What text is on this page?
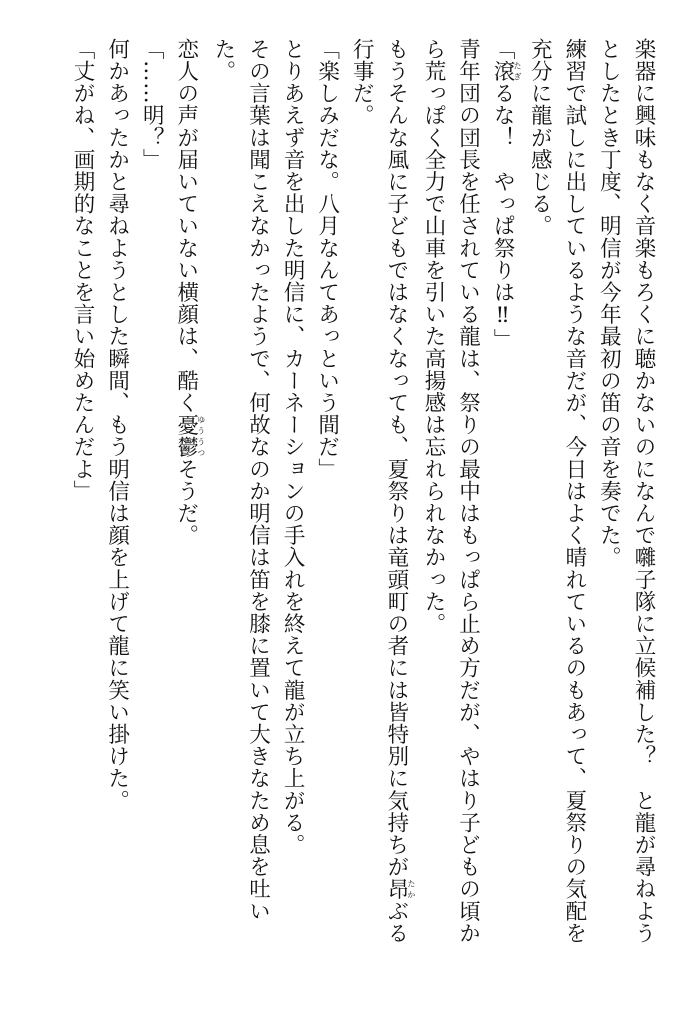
楽器に興味もなく音楽もろくに聴かないのになんで囃子隊に立候補した？　と龍が尋ねよう
としたとき丁度、明信が今年最初の笛の音を奏でた。
練習で試しに出しているような音だが、今日はよく晴れているのもあって、夏祭りの気配を
充分に龍が感じる。
「滾たぎるな！　やっぱ祭りは‼」
青年団の団長を任されている龍は、祭りの最中はもっぱら止め方だが、やはり子どもの頃か
ら荒っぽく全力で山車を引いた高揚感は忘れられなかった。
もうそんな風に子どもではなくなっても、夏祭りは竜頭町の者には皆特別に気持ちが昂たかぶる
行事だ。
「楽しみだな。八月なんてあっという間だ」
とりあえず音を出した明信に、カーネーションの手入れを終えて龍が立ち上がる。
その言葉は聞こえなかったようで、何故なのか明信は笛を膝に置いて大きなため息を吐い
た。
恋人の声が届いていない横顔は、酷く憂鬱ゆううつそうだ。
「……明？」
何かあったかと尋ねようとした瞬間、もう明信は顔を上げて龍に笑い掛けた。
「丈がね、画期的なことを言い始めたんだよ」
